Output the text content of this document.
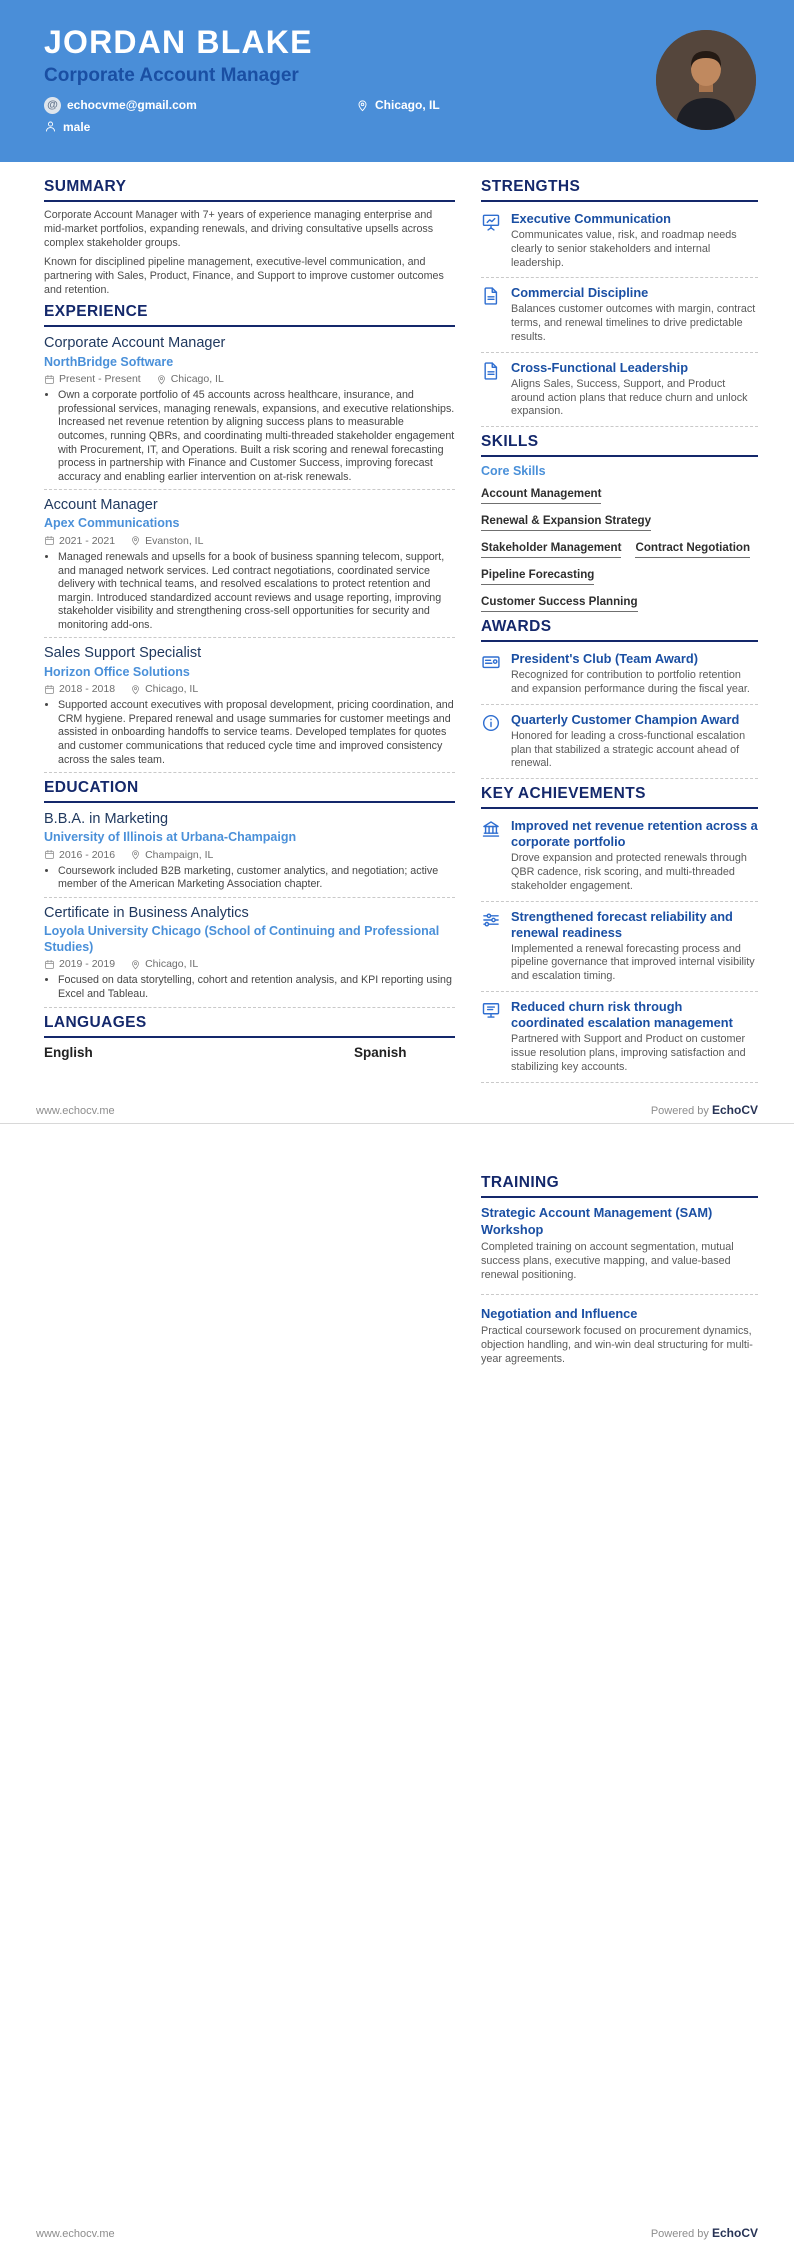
JORDAN BLAKE
Corporate Account Manager
@ echocvme@gmail.com	Chicago, IL
male
SUMMARY

Corporate Account Manager with 7+ years of experience managing enterprise and mid-market portfolios, expanding renewals, and driving consultative upsells across complex stakeholder groups.

Known for disciplined pipeline management, executive-level communication, and partnering with Sales, Product, Finance, and Support to improve customer outcomes and retention.

EXPERIENCE
Corporate Account Manager
NorthBridge Software
Present - Present	Chicago, IL
• Own a corporate portfolio of 45 accounts across healthcare, insurance, and professional services, managing renewals, expansions, and executive relationships. Increased net revenue retention by aligning success plans to measurable outcomes, running QBRs, and coordinating multi-threaded stakeholder engagement with Procurement, IT, and Operations. Built a risk scoring and renewal forecasting process in partnership with Finance and Customer Success, improving forecast accuracy and enabling earlier intervention on at-risk renewals.
Account Manager
Apex Communications
2021 - 2021	Evanston, IL
• Managed renewals and upsells for a book of business spanning telecom, support, and managed network services. Led contract negotiations, coordinated service delivery with technical teams, and resolved escalations to protect retention and margin. Introduced standardized account reviews and usage reporting, improving stakeholder visibility and strengthening cross-sell opportunities for security and monitoring add-ons.
Sales Support Specialist
Horizon Office Solutions
2018 - 2018	Chicago, IL
• Supported account executives with proposal development, pricing coordination, and CRM hygiene. Prepared renewal and usage summaries for customer meetings and assisted in onboarding handoffs to service teams. Developed templates for quotes and customer communications that reduced cycle time and improved consistency across the sales team.
EDUCATION
B.B.A. in Marketing
University of Illinois at Urbana-Champaign
2016 - 2016	Champaign, IL
• Coursework included B2B marketing, customer analytics, and negotiation; active member of the American Marketing Association chapter.
Certificate in Business Analytics
Loyola University Chicago (School of Continuing and Professional Studies)
2019 - 2019	Chicago, IL
• Focused on data storytelling, cohort and retention analysis, and KPI reporting using Excel and Tableau.
LANGUAGES
English	Spanish
STRENGTHS
Executive Communication
Communicates value, risk, and roadmap needs clearly to senior stakeholders and internal leadership.
Commercial Discipline
Balances customer outcomes with margin, contract terms, and renewal timelines to drive predictable results.
Cross-Functional Leadership
Aligns Sales, Success, Support, and Product around action plans that reduce churn and unlock expansion.
SKILLS
Core Skills
Account Management
Renewal & Expansion Strategy
Stakeholder Management Contract Negotiation
Pipeline Forecasting
Customer Success Planning
AWARDS
President's Club (Team Award)
Recognized for contribution to portfolio retention and expansion performance during the fiscal year.
Quarterly Customer Champion Award
Honored for leading a cross-functional escalation plan that stabilized a strategic account ahead of renewal.
KEY ACHIEVEMENTS
Improved net revenue retention across a corporate portfolio
Drove expansion and protected renewals through QBR cadence, risk scoring, and multi-threaded stakeholder engagement.
Strengthened forecast reliability and renewal readiness
Implemented a renewal forecasting process and pipeline governance that improved internal visibility and escalation timing.
Reduced churn risk through coordinated escalation management
Partnered with Support and Product on customer issue resolution plans, improving satisfaction and stabilizing key accounts.
www.echocv.me	Powered by EchoCV
TRAINING
Strategic Account Management (SAM) Workshop
Completed training on account segmentation, mutual success plans, executive mapping, and value-based renewal positioning.
Negotiation and Influence
Practical coursework focused on procurement dynamics, objection handling, and win-win deal structuring for multi-year agreements.
www.echocv.me	Powered by EchoCV
